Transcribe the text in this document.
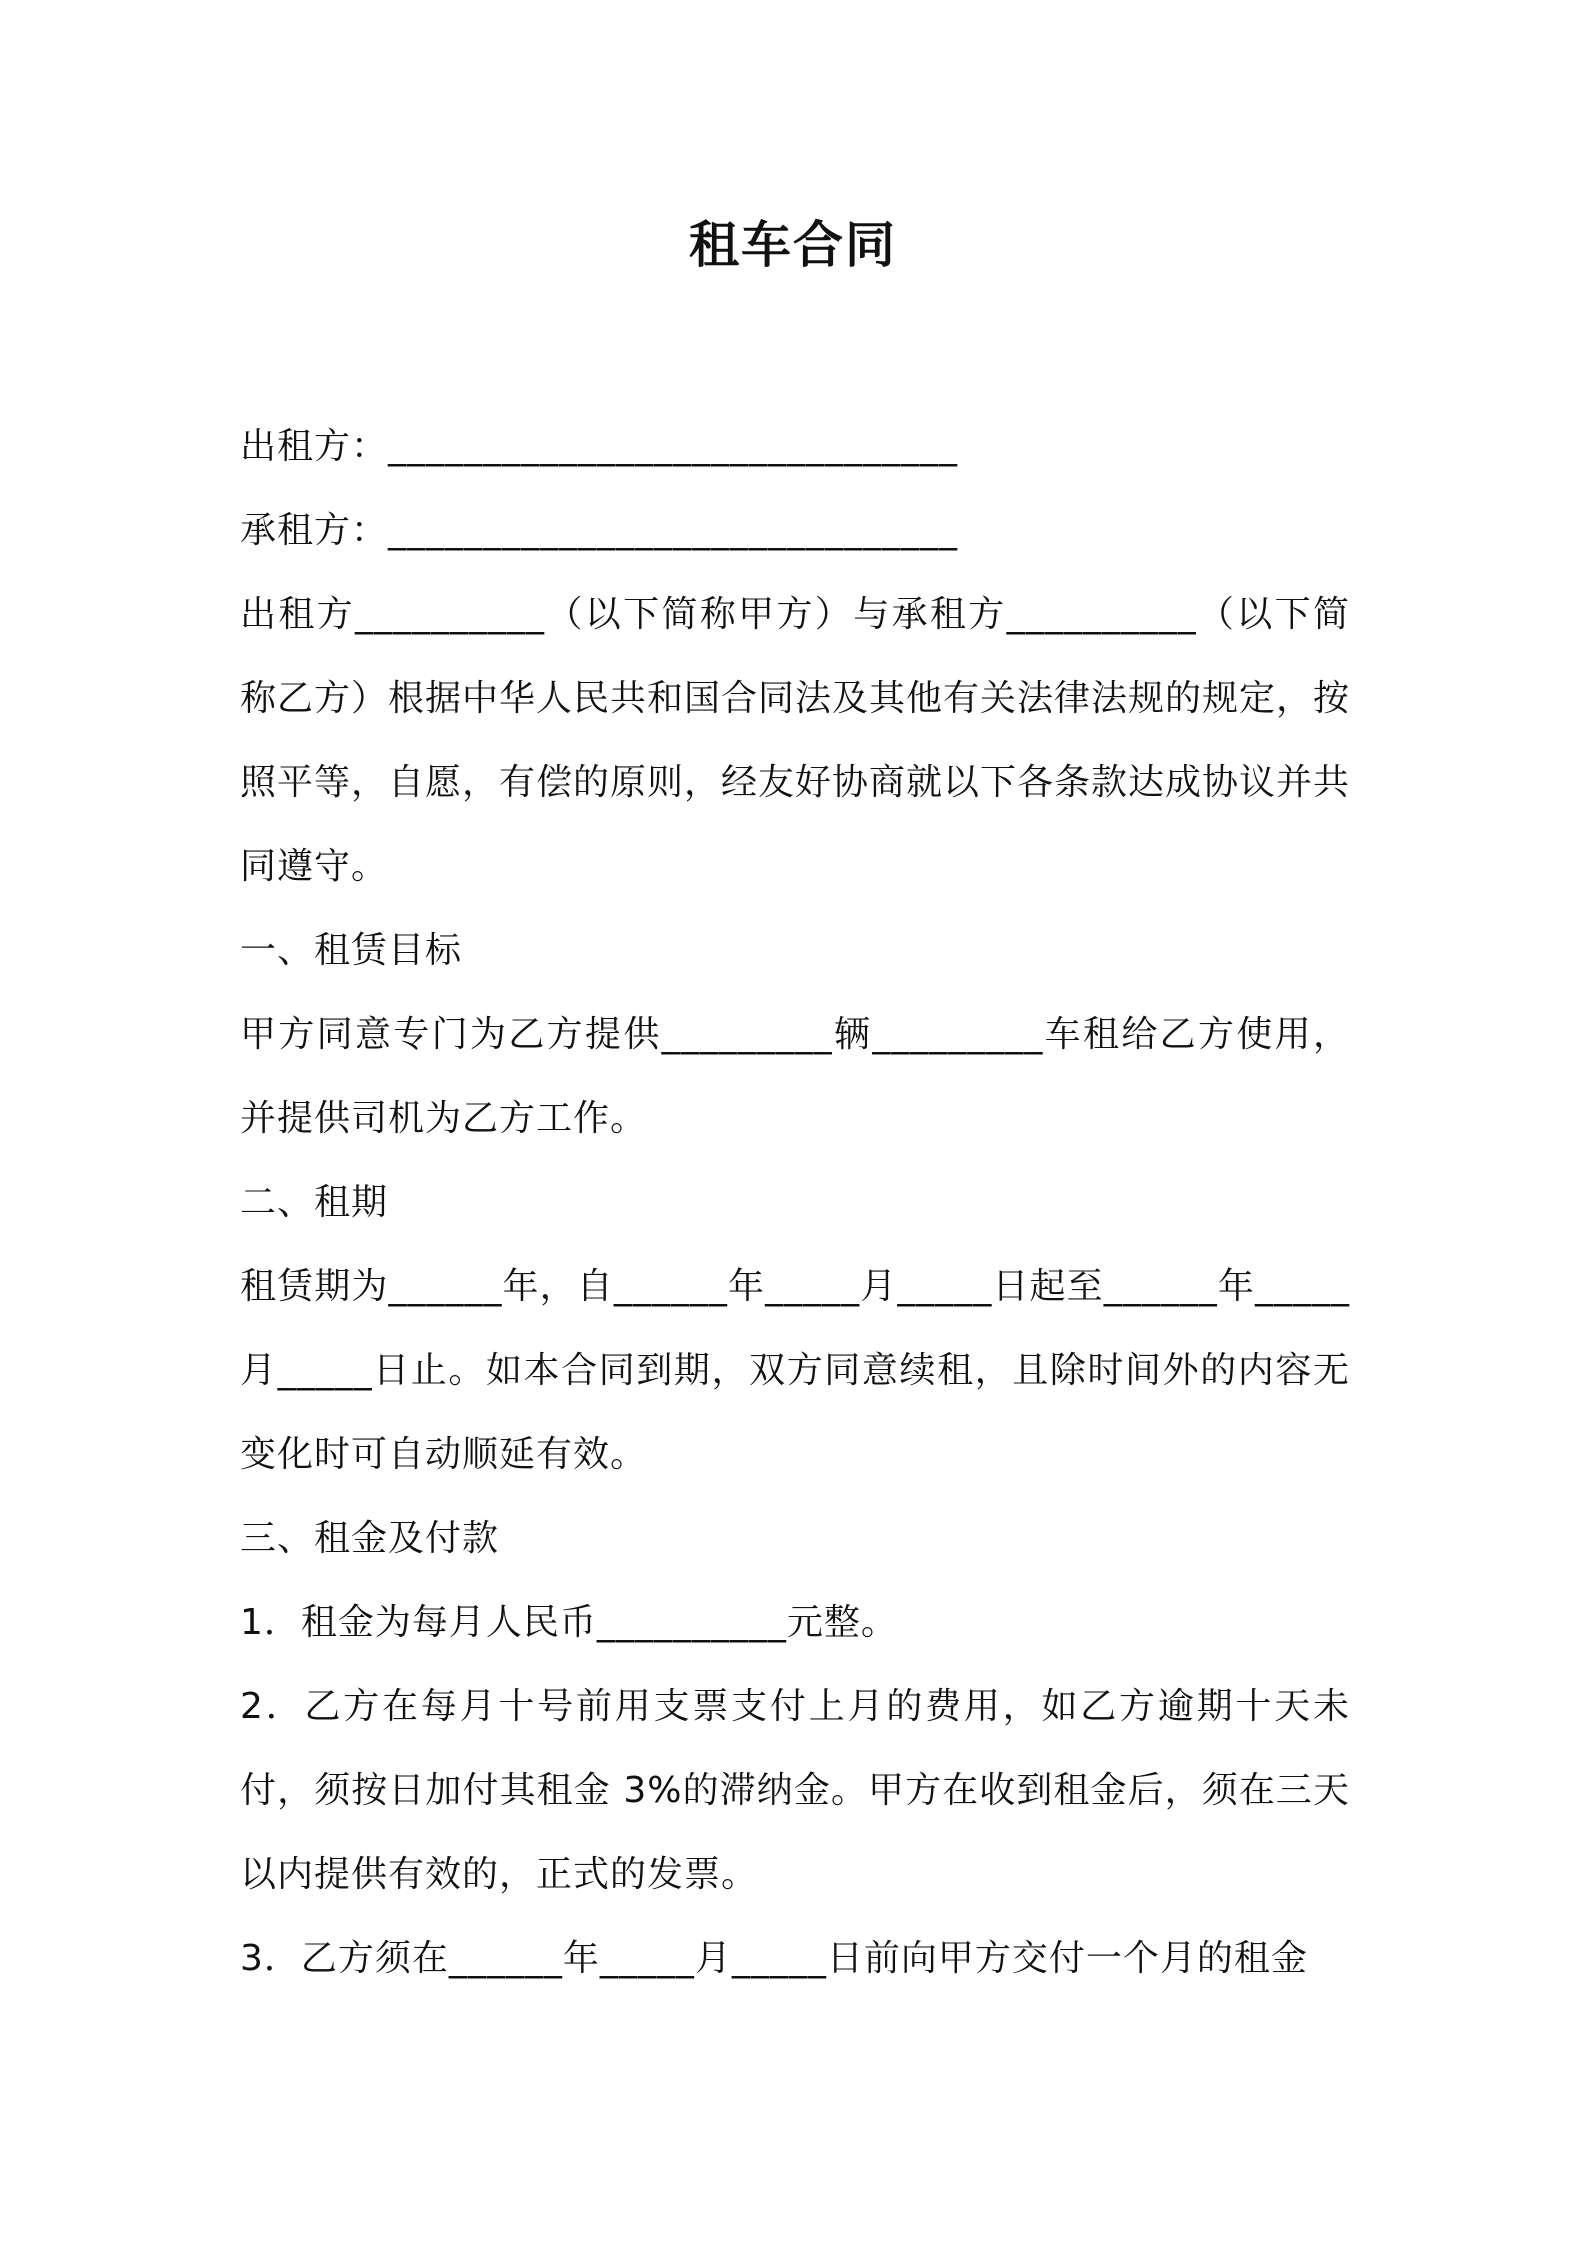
租车合同

出租方：______________________________

承租方：______________________________

出租方__________（以下简称甲方）与承租方__________（以下简称乙方）根据中华人民共和国合同法及其他有关法律法规的规定，按照平等，自愿，有偿的原则，经友好协商就以下各条款达成协议并共同遵守。

一、租赁目标

甲方同意专门为乙方提供_________辆_________车租给乙方使用，并提供司机为乙方工作。

二、租期

租赁期为______年，自______年_____月_____日起至______年_____月_____日止。如本合同到期，双方同意续租，且除时间外的内容无变化时可自动顺延有效。

三、租金及付款

1．租金为每月人民币__________元整。

2．乙方在每月十号前用支票支付上月的费用，如乙方逾期十天未付，须按日加付其租金 3%的滞纳金。甲方在收到租金后，须在三天以内提供有效的，正式的发票。

3．乙方须在______年_____月_____日前向甲方交付一个月的租金
